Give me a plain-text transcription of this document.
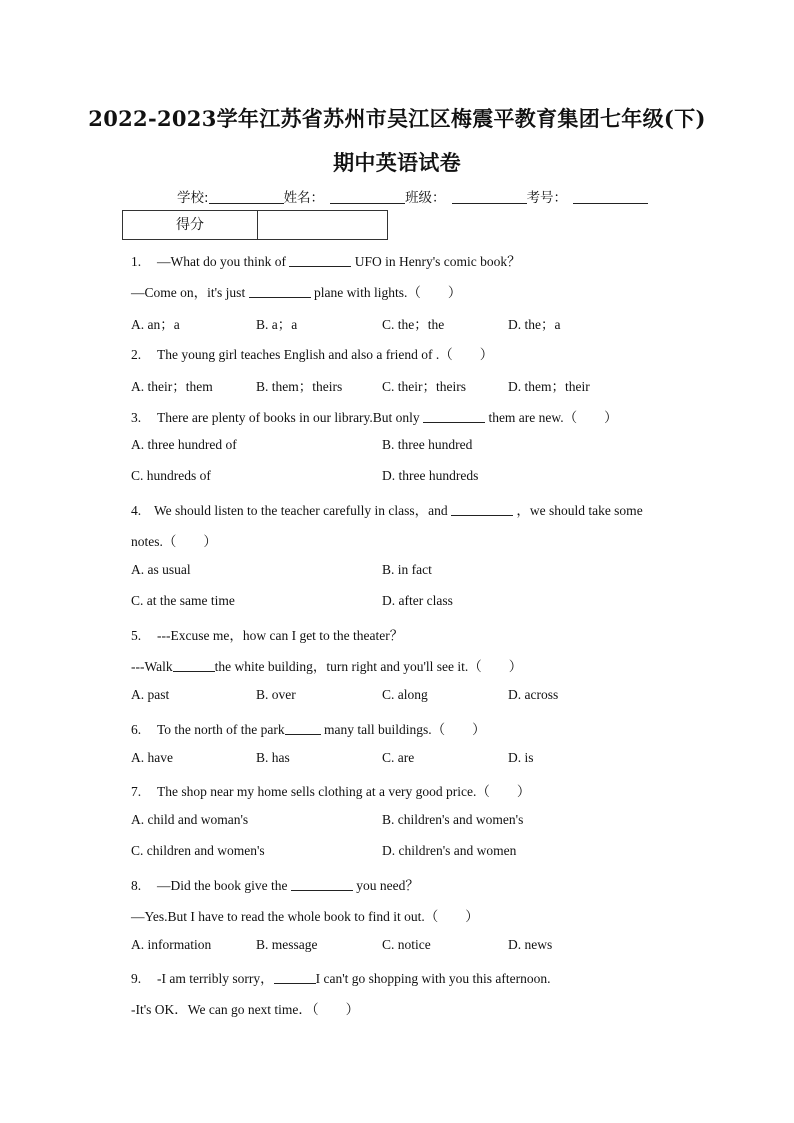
2022-2023学年江苏省苏州市吴江区梅震平教育集团七年级(下)
期中英语试卷
学校:	姓名：	班级：	考号：
得分
1. —What do you think of	UFO in Henry's comic book？
—Come on，it's just	plane with lights.（　　）
A. an；a	B. a；a	C. the；the	D. the；a
2. The young girl teaches English and also a friend of .（　　）
A. their；them	B. them；theirs	C. their；theirs	D. them；their
3. There are plenty of books in our library.But only	them are new.（　　）
A. three hundred of	B. three hundred
C. hundreds of	D. three hundreds
4. We should listen to the teacher carefully in class，and	，we should take some
notes.（　　）
A. as usual	B. in fact
C. at the same time	D. after class
5. ---Excuse me，how can I get to the theater？
---Walk	the white building，turn right and you'll see it.（　　）
A. past	B. over	C. along	D. across
6. To the north of the park	many tall buildings.（　　）
A. have	B. has	C. are	D. is
7. The shop near my home sells clothing at a very good price.（　　）
A. child and woman's	B. children's and women's
C. children and women's	D. children's and women
8. —Did the book give the	you need？
—Yes.But I have to read the whole book to find it out.（　　）
A. information	B. message	C. notice	D. news
9. -I am terribly sorry，	I can't go shopping with you this afternoon.
-It's OK．We can go next time．（　　）
